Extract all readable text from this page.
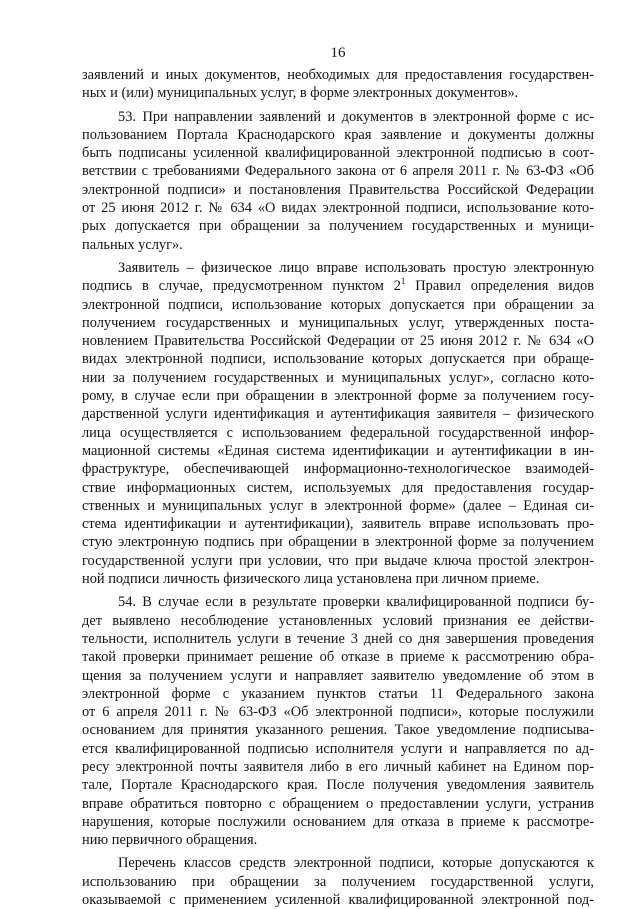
16
заявлений и иных документов, необходимых для предоставления государствен-
ных и (или) муниципальных услуг, в форме электронных документов».
53. При направлении заявлений и документов в электронной форме с ис-
пользованием Портала Краснодарского края заявление и документы должны
быть подписаны усиленной квалифицированной электронной подписью в соот-
ветствии с требованиями Федерального закона от 6 апреля 2011 г. № 63-ФЗ «Об
электронной подписи» и постановления Правительства Российской Федерации
от 25 июня 2012 г. № 634 «О видах электронной подписи, использование кото-
рых допускается при обращении за получением государственных и муници-
пальных услуг».
Заявитель – физическое лицо вправе использовать простую электронную
подпись в случае, предусмотренном пунктом $2^1$ Правил определения видов
электронной подписи, использование которых допускается при обращении за
получением государственных и муниципальных услуг, утвержденных поста-
новлением Правительства Российской Федерации от 25 июня 2012 г. № 634 «О
видах электронной подписи, использование которых допускается при обраще-
нии за получением государственных и муниципальных услуг», согласно кото-
рому, в случае если при обращении в электронной форме за получением госу-
дарственной услуги идентификация и аутентификация заявителя – физического
лица осуществляется с использованием федеральной государственной инфор-
мационной системы «Единая система идентификации и аутентификации в ин-
фраструктуре, обеспечивающей информационно-технологическое взаимодей-
ствие информационных систем, используемых для предоставления государ-
ственных и муниципальных услуг в электронной форме» (далее – Единая си-
стема идентификации и аутентификации), заявитель вправе использовать про-
стую электронную подпись при обращении в электронной форме за получением
государственной услуги при условии, что при выдаче ключа простой электрон-
ной подписи личность физического лица установлена при личном приеме.
54. В случае если в результате проверки квалифицированной подписи бу-
дет выявлено несоблюдение установленных условий признания ее действи-
тельности, исполнитель услуги в течение 3 дней со дня завершения проведения
такой проверки принимает решение об отказе в приеме к рассмотрению обра-
щения за получением услуги и направляет заявителю уведомление об этом в
электронной форме с указанием пунктов статьи 11 Федерального закона
от 6 апреля 2011 г. № 63-ФЗ «Об электронной подписи», которые послужили
основанием для принятия указанного решения. Такое уведомление подписыва-
ется квалифицированной подписью исполнителя услуги и направляется по ад-
ресу электронной почты заявителя либо в его личный кабинет на Едином пор-
тале, Портале Краснодарского края. После получения уведомления заявитель
вправе обратиться повторно с обращением о предоставлении услуги, устранив
нарушения, которые послужили основанием для отказа в приеме к рассмотре-
нию первичного обращения.
Перечень классов средств электронной подписи, которые допускаются к
использованию при обращении за получением государственной услуги,
оказываемой с применением усиленной квалифицированной электронной под-
